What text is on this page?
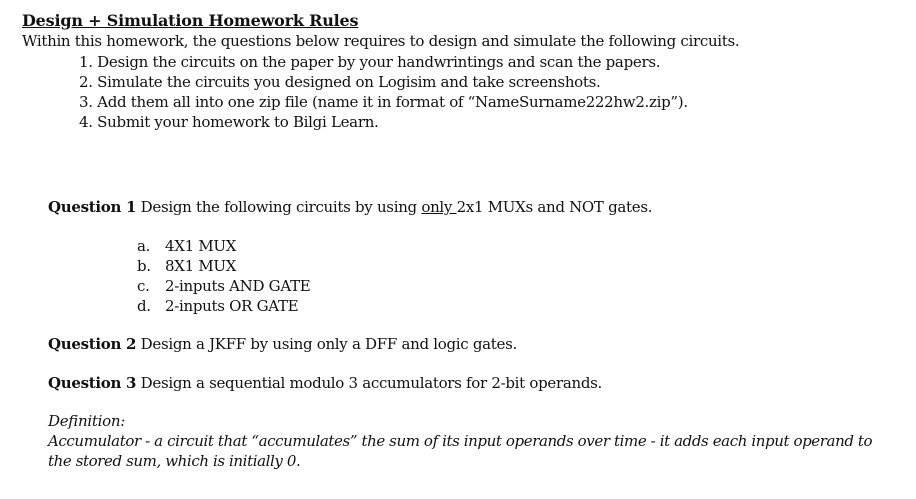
Design + Simulation Homework Rules
Within this homework, the questions below requires to design and simulate the following circuits.
1. Design the circuits on the paper by your handwrintings and scan the papers.
2. Simulate the circuits you designed on Logisim and take screenshots.
3. Add them all into one zip file (name it in format of “NameSurname222hw2.zip”).
4. Submit your homework to Bilgi Learn.
Question 1 Design the following circuits by using only 2x1 MUXs and NOT gates.
a. 4X1 MUX
b. 8X1 MUX
c. 2-inputs AND GATE
d. 2-inputs OR GATE
Question 2 Design a JKFF by using only a DFF and logic gates.
Question 3 Design a sequential modulo 3 accumulators for 2-bit operands.
Definition:
Accumulator - a circuit that “accumulates” the sum of its input operands over time - it adds each input operand to
the stored sum, which is initially 0.
